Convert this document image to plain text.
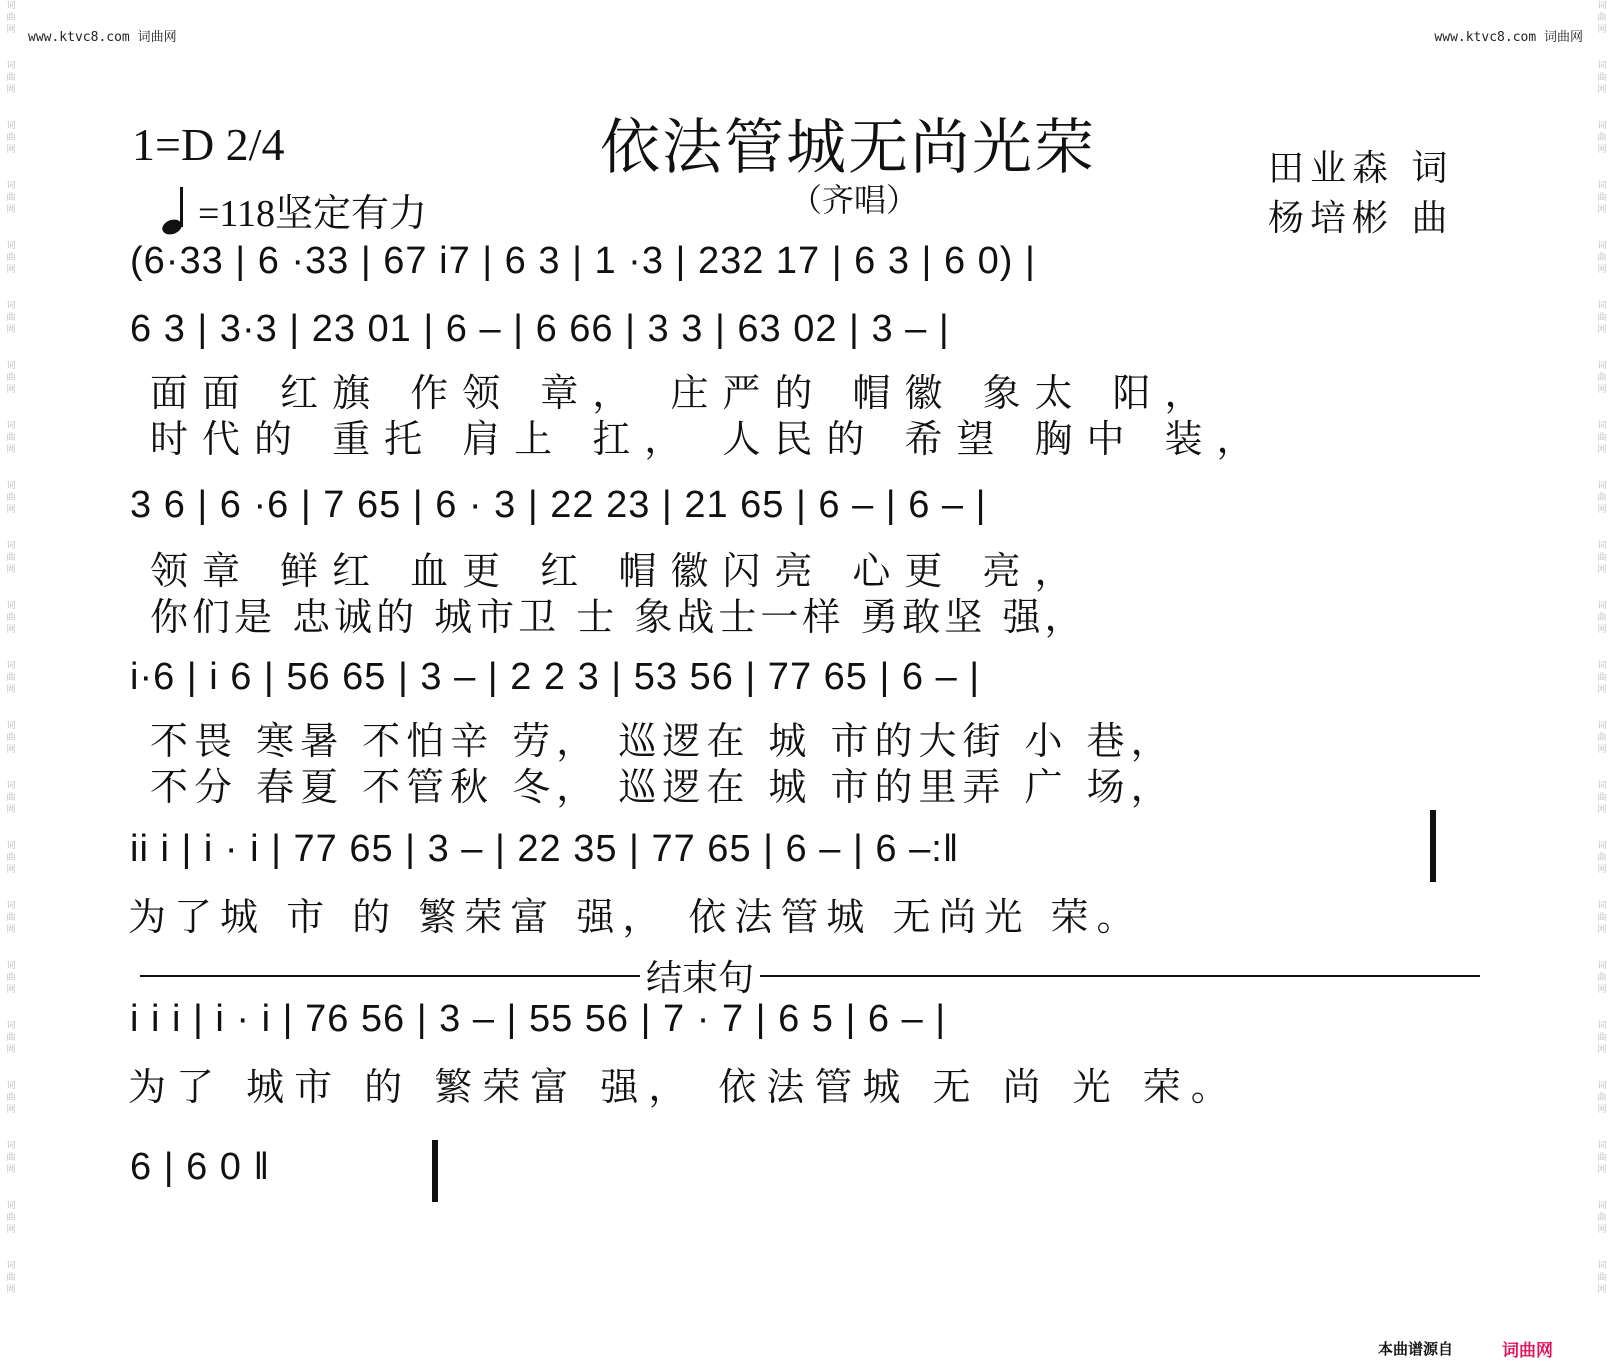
词曲网
词曲网
词曲网
词曲网
词曲网
词曲网
词曲网
词曲网
词曲网
词曲网
词曲网
词曲网
词曲网
词曲网
词曲网
词曲网
词曲网
词曲网
词曲网
词曲网
词曲网
词曲网
词曲网
词曲网
词曲网
词曲网
词曲网
词曲网
词曲网
词曲网
词曲网
词曲网
词曲网
词曲网
词曲网
词曲网
词曲网
词曲网
词曲网
词曲网
词曲网
词曲网
词曲网
词曲网
www.ktvc8.com 词曲网	www.ktvc8.com 词曲网
1=D 2/4
=118坚定有力
依法管城无尚光荣
（齐唱）
田业森 词
杨培彬 曲
(6·33 | 6 ·33 | 67 i7 | 6 3 | 1 ·3 | 232 17 | 6 3 | 6 0) |
6 3 | 3·3 | 23 01 | 6 – | 6 66 | 3 3 | 63 02 | 3 – |
面面 红旗 作领 章， 庄严的 帽徽 象太 阳，
时代的 重托 肩上 扛， 人民的 希望 胸中 装，
3 6 | 6 ·6 | 7 65 | 6 · 3 | 22 23 | 21 65 | 6 – | 6 – |
领章 鲜红 血更 红 帽徽闪亮 心更 亮，
你们是 忠诚的 城市卫 士 象战士一样 勇敢坚 强，
i·6 | i 6 | 56 65 | 3 – | 2 2 3 | 53 56 | 77 65 | 6 – |
不畏 寒暑 不怕辛 劳， 巡逻在 城 市的大街 小 巷，
不分 春夏 不管秋 冬， 巡逻在 城 市的里弄 广 场，
ii i | i · i | 77 65 | 3 – | 22 35 | 77 65 | 6 – | 6 –:‖
为了城 市 的 繁荣富 强， 依法管城 无尚光 荣。
结束句
i i i | i · i | 76 56 | 3 – | 55 56 | 7 · 7 | 6 5 | 6 – |
为了 城市 的 繁荣富 强， 依法管城 无 尚 光 荣。
6 | 6 0 ‖
本曲谱源自	词曲网
